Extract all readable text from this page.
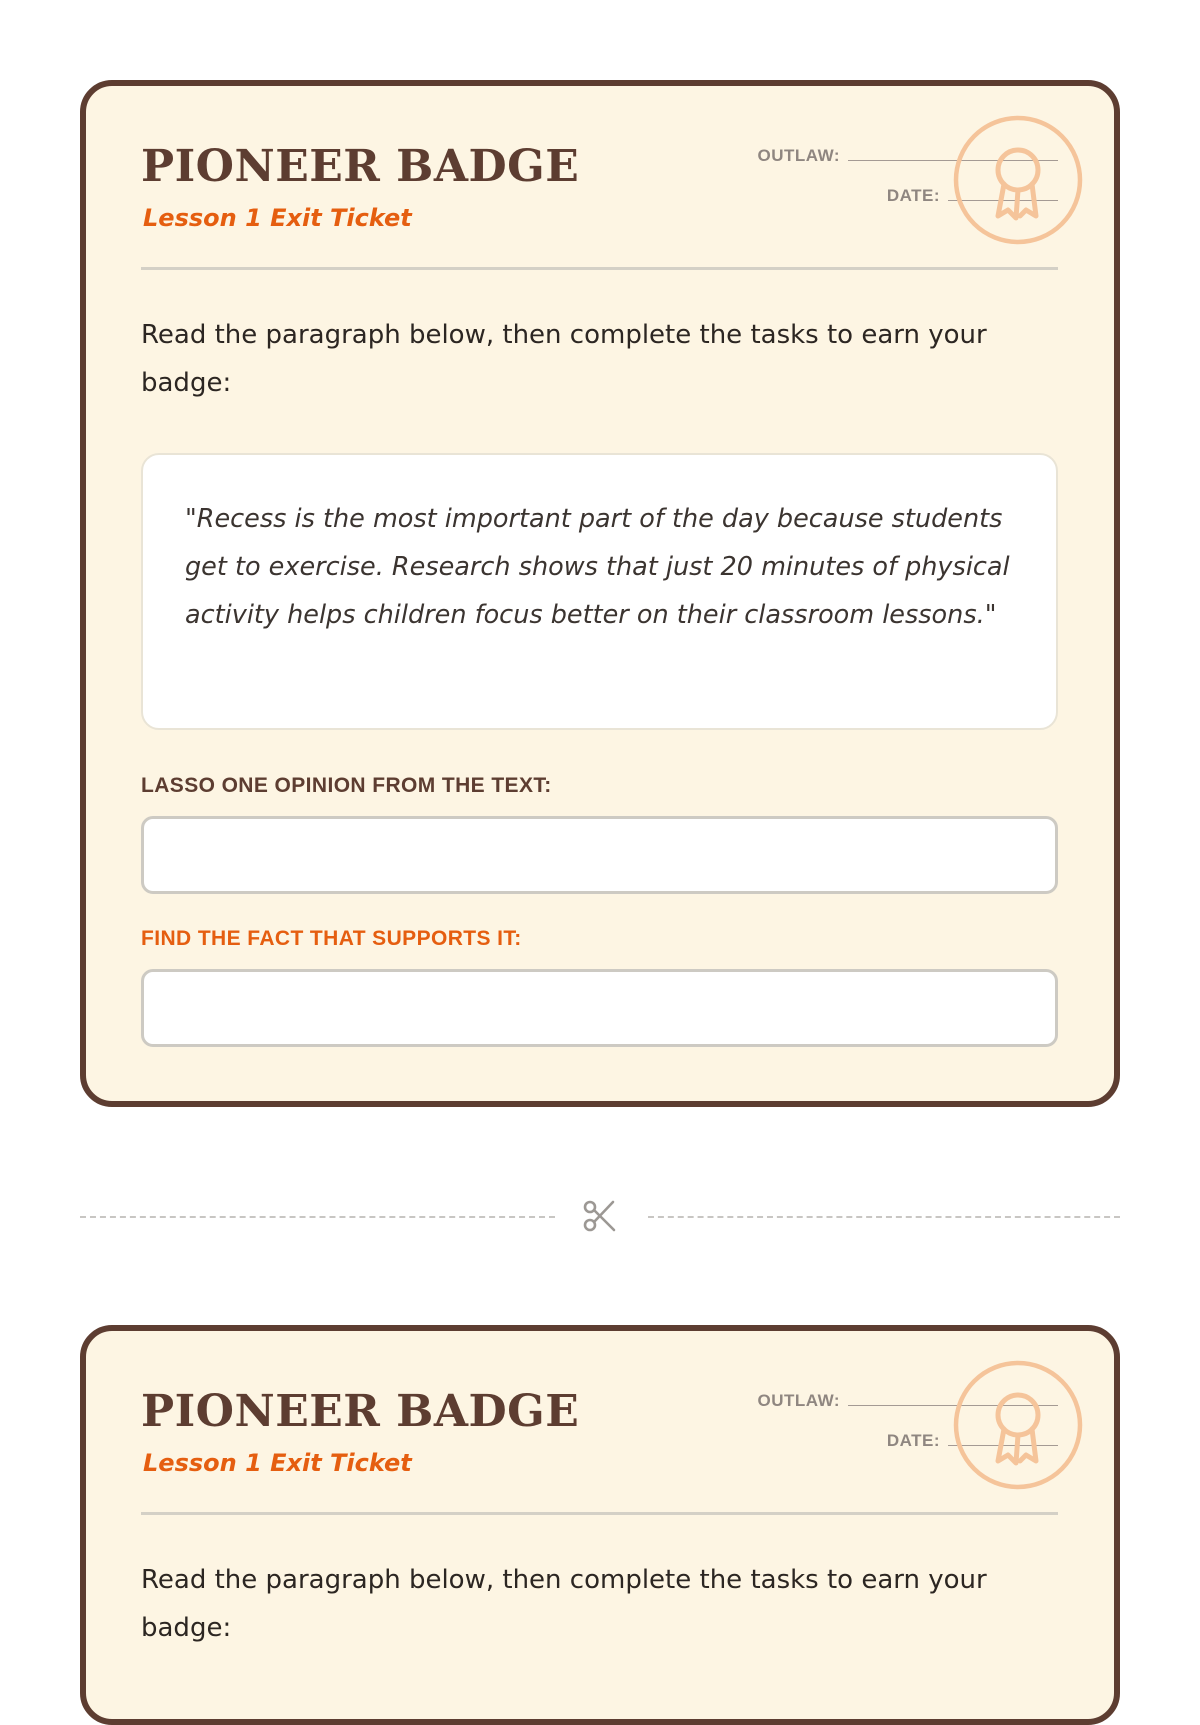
PIONEER BADGE
Lesson 1 Exit Ticket
OUTLAW:
DATE:

Read the paragraph below, then complete the tasks to earn your badge:

"Recess is the most important part of the day because students get to exercise. Research shows that just 20 minutes of physical activity helps children focus better on their classroom lessons."

LASSO ONE OPINION FROM THE TEXT:
FIND THE FACT THAT SUPPORTS IT:
PIONEER BADGE
Lesson 1 Exit Ticket
OUTLAW:
DATE:

Read the paragraph below, then complete the tasks to earn your badge:
